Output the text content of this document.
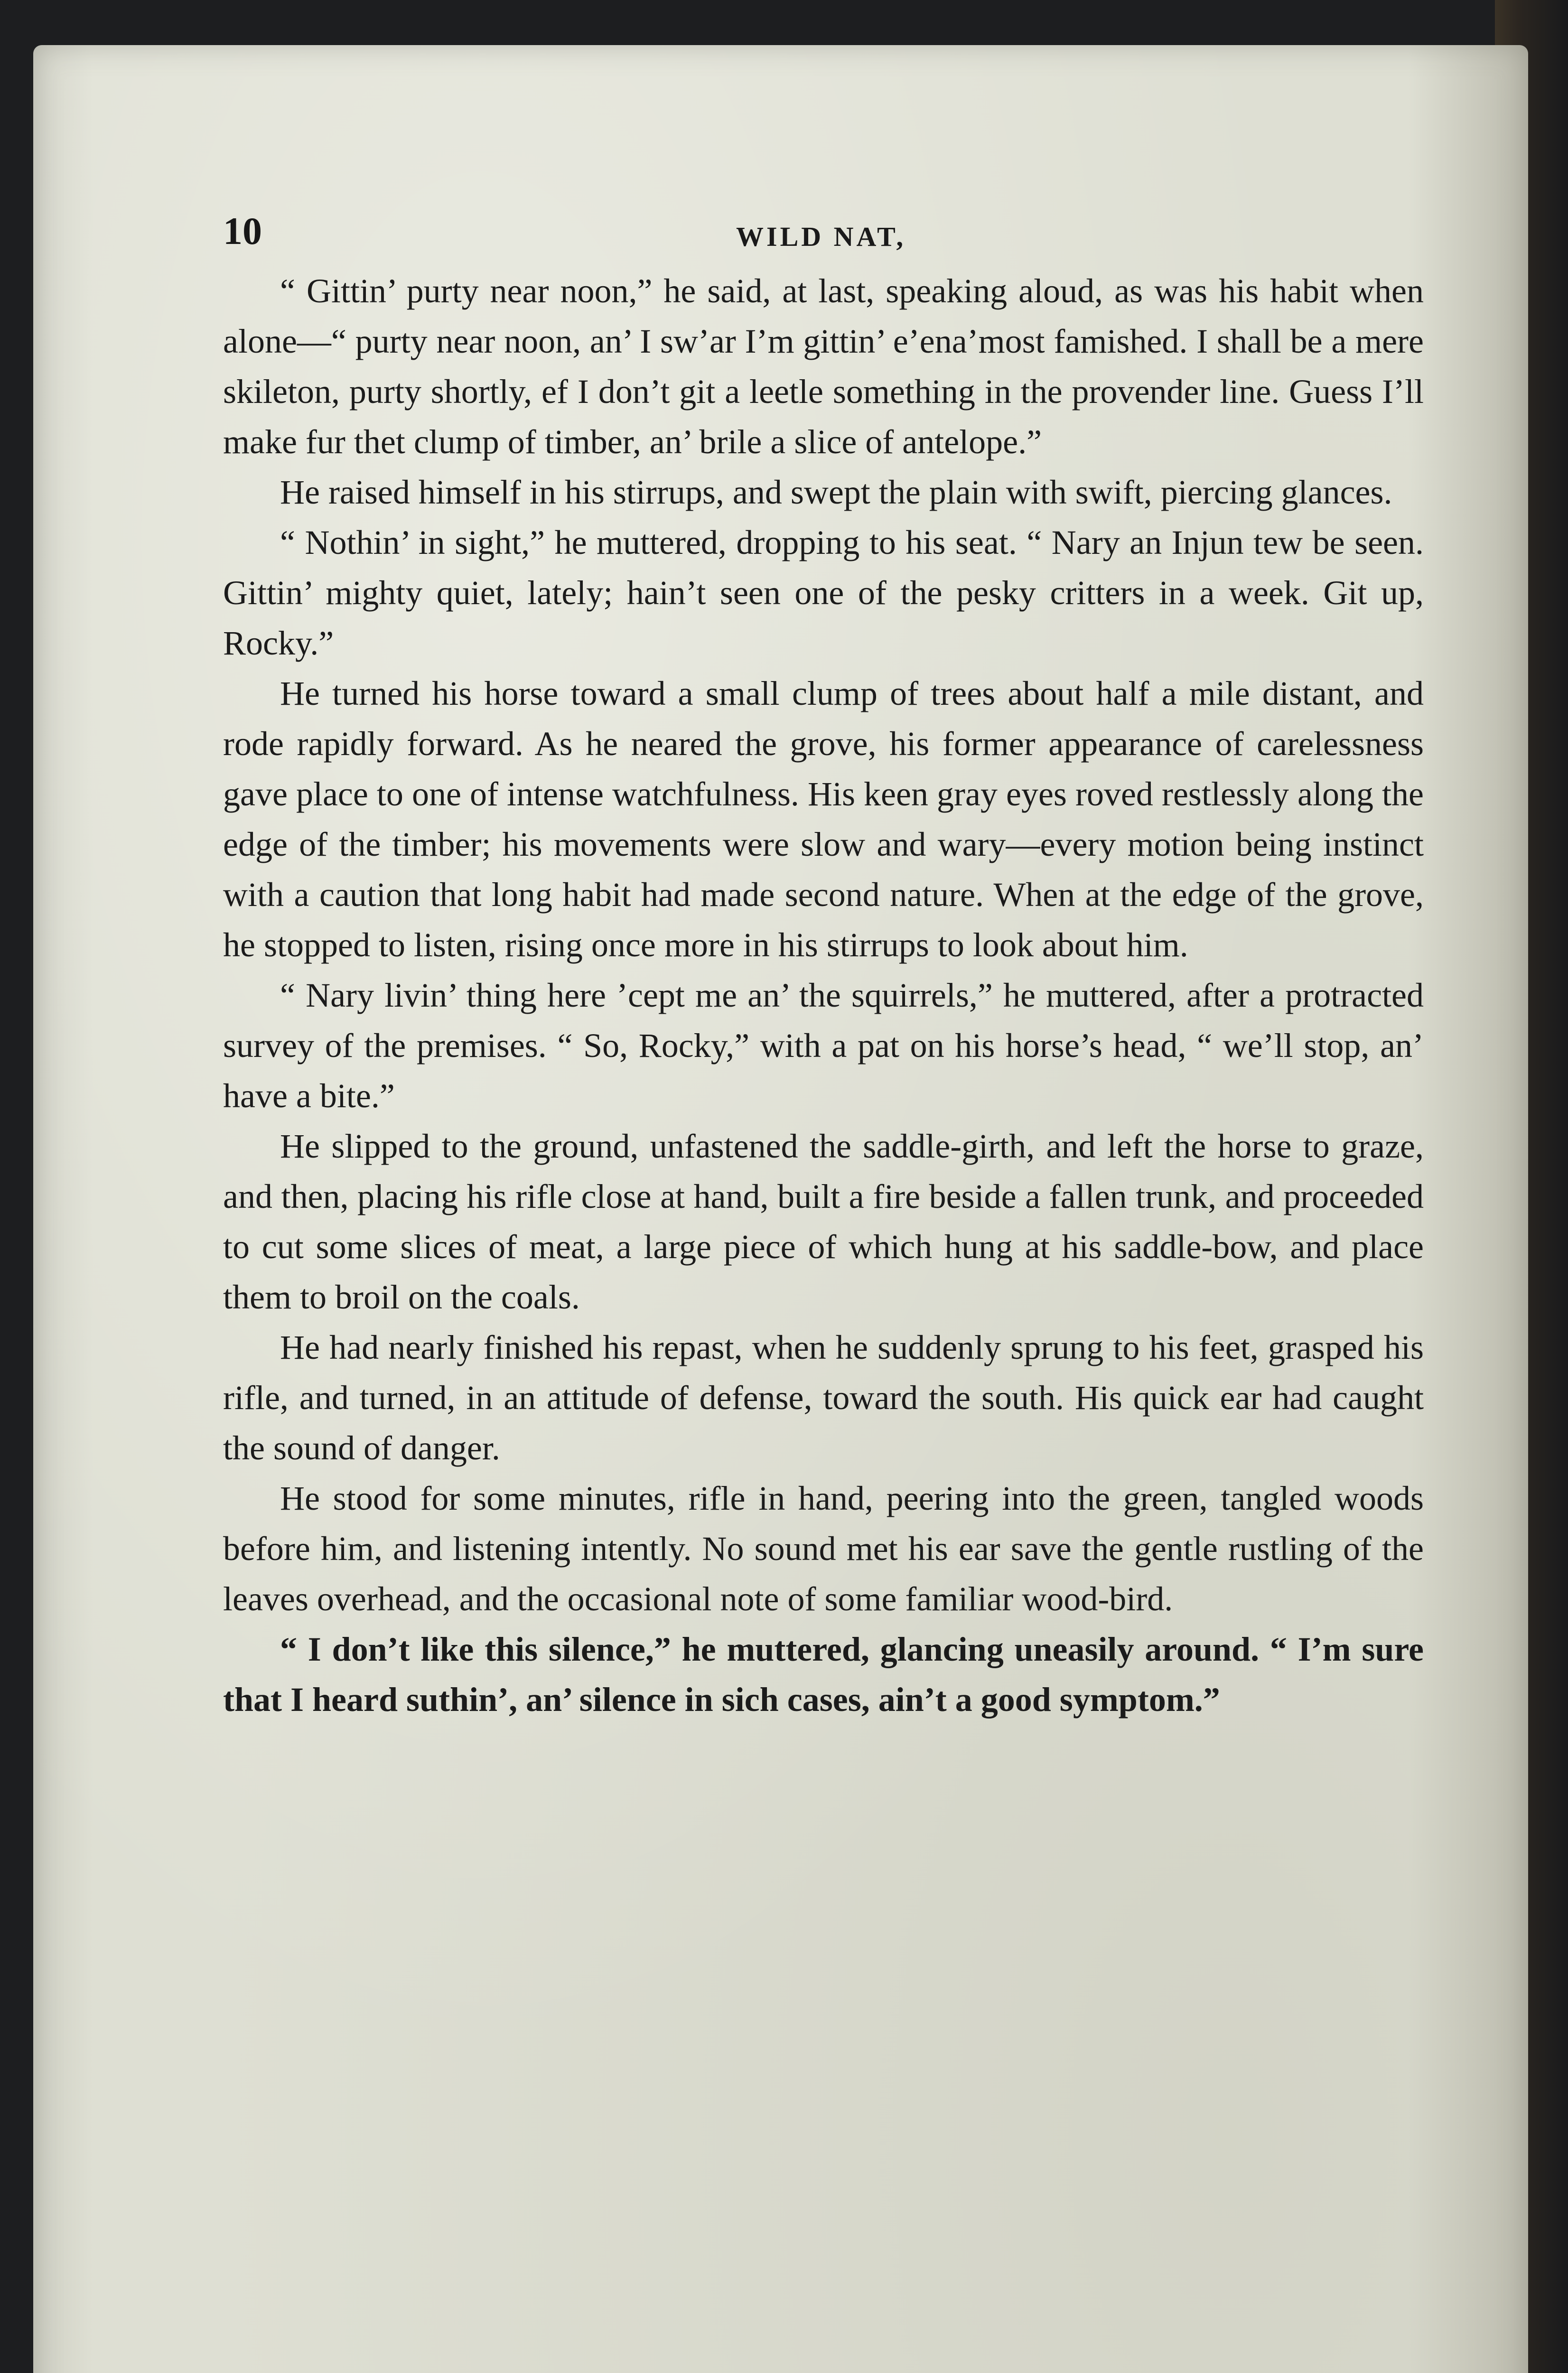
10	WILD NAT,

“ Gittin’ purty near noon,” he said, at last, speaking aloud, as was his habit when alone—“ purty near noon, an’ I sw’ar I’m gittin’ e’ena’most famished. I shall be a mere skileton, purty shortly, ef I don’t git a leetle something in the provender line. Guess I’ll make fur thet clump of timber, an’ brile a slice of antelope.”

He raised himself in his stirrups, and swept the plain with swift, piercing glances.

“ Nothin’ in sight,” he muttered, dropping to his seat. “ Nary an Injun tew be seen. Gittin’ mighty quiet, lately; hain’t seen one of the pesky critters in a week. Git up, Rocky.”

He turned his horse toward a small clump of trees about half a mile distant, and rode rapidly forward. As he neared the grove, his former appearance of carelessness gave place to one of intense watchfulness. His keen gray eyes roved restlessly along the edge of the timber; his movements were slow and wary—every motion being instinct with a caution that long habit had made second nature. When at the edge of the grove, he stopped to listen, rising once more in his stirrups to look about him.

“ Nary livin’ thing here ’cept me an’ the squirrels,” he muttered, after a protracted survey of the premises. “ So, Rocky,” with a pat on his horse’s head, “ we’ll stop, an’ have a bite.”

He slipped to the ground, unfastened the saddle-girth, and left the horse to graze, and then, placing his rifle close at hand, built a fire beside a fallen trunk, and proceeded to cut some slices of meat, a large piece of which hung at his saddle-bow, and place them to broil on the coals.

He had nearly finished his repast, when he suddenly sprung to his feet, grasped his rifle, and turned, in an attitude of defense, toward the south. His quick ear had caught the sound of danger.

He stood for some minutes, rifle in hand, peering into the green, tangled woods before him, and listening intently. No sound met his ear save the gentle rustling of the leaves overhead, and the occasional note of some familiar wood-bird.

“ I don’t like this silence,” he muttered, glancing uneasily around. “ I’m sure that I heard suthin’, an’ silence in sich cases, ain’t a good symptom.”
